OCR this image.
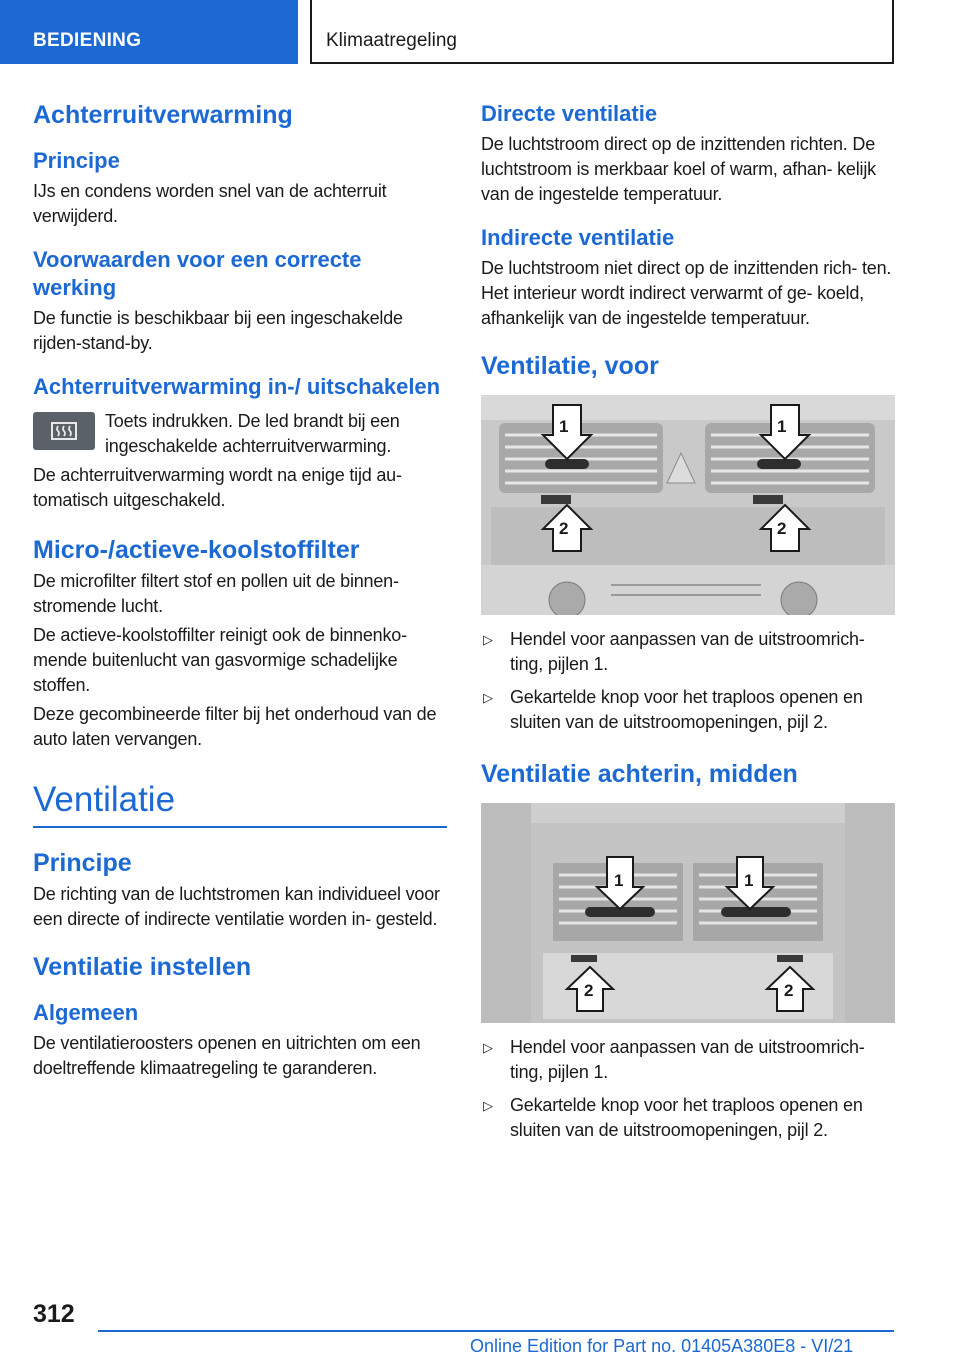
BEDIENING	Klimaatregeling
Achterruitverwarming
Principe

IJs en condens worden snel van de achterruit verwijderd.

Voorwaarden voor een correcte werking

De functie is beschikbaar bij een ingeschakelde rijden-stand-by.

Achterruitverwarming in-/ uitschakelen

Toets indrukken. De led brandt bij een ingeschakelde achterruitverwarming.

De achterruitverwarming wordt na enige tijd au- tomatisch uitgeschakeld.

Micro-/actieve-koolstoffilter

De microfilter filtert stof en pollen uit de binnen- stromende lucht.

De actieve-koolstoffilter reinigt ook de binnenko- mende buitenlucht van gasvormige schadelijke stoffen.

Deze gecombineerde filter bij het onderhoud van de auto laten vervangen.

Ventilatie
Principe

De richting van de luchtstromen kan individueel voor een directe of indirecte ventilatie worden in- gesteld.

Ventilatie instellen
Algemeen

De ventilatieroosters openen en uitrichten om een doeltreffende klimaatregeling te garanderen.

Directe ventilatie

De luchtstroom direct op de inzittenden richten. De luchtstroom is merkbaar koel of warm, afhan- kelijk van de ingestelde temperatuur.

Indirecte ventilatie

De luchtstroom niet direct op de inzittenden rich- ten. Het interieur wordt indirect verwarmt of ge- koeld, afhankelijk van de ingestelde temperatuur.

Ventilatie, voor
1	1
2	2
▷ Hendel voor aanpassen van de uitstroomrich- ting, pijlen 1.
▷ Gekartelde knop voor het traploos openen en sluiten van de uitstroomopeningen, pijl 2.
Ventilatie achterin, midden
1	1
2	2
▷ Hendel voor aanpassen van de uitstroomrich- ting, pijlen 1.
▷ Gekartelde knop voor het traploos openen en sluiten van de uitstroomopeningen, pijl 2.
312
Online Edition for Part no. 01405A380E8 - VI/21
